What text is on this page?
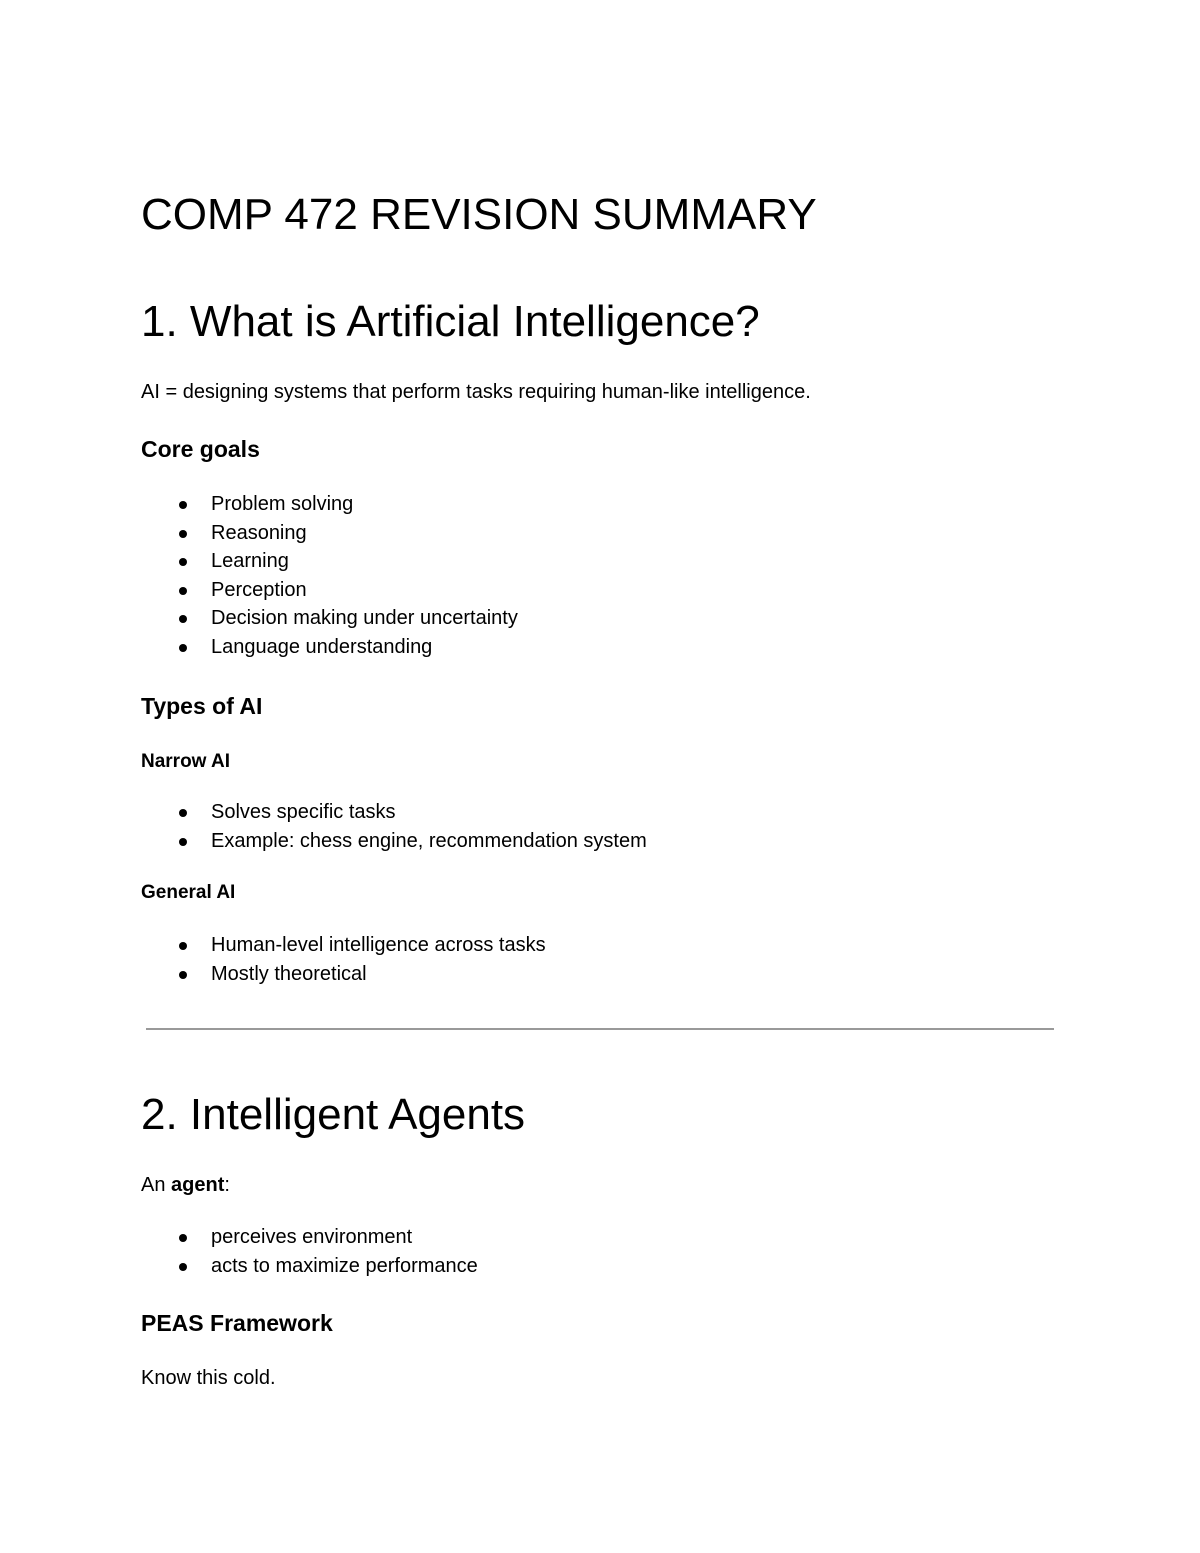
COMP 472 REVISION SUMMARY
1. What is Artificial Intelligence?
AI = designing systems that perform tasks requiring human-like intelligence.
Core goals
Problem solving
Reasoning
Learning
Perception
Decision making under uncertainty
Language understanding
Types of AI
Narrow AI
Solves specific tasks
Example: chess engine, recommendation system
General AI
Human-level intelligence across tasks
Mostly theoretical
2. Intelligent Agents
An agent:
perceives environment
acts to maximize performance
PEAS Framework
Know this cold.
